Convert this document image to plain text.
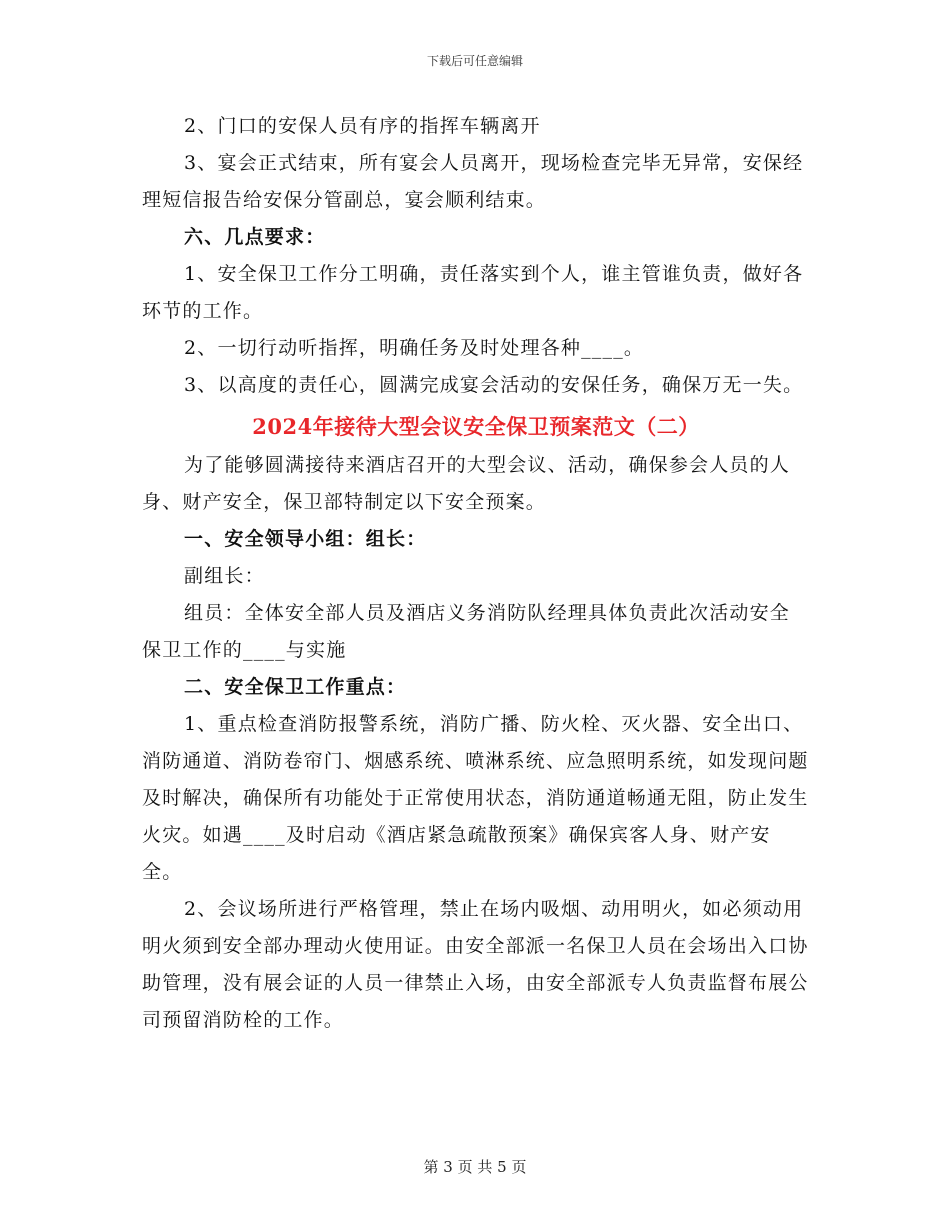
下载后可任意编辑

2、门口的安保人员有序的指挥车辆离开

3、宴会正式结束，所有宴会人员离开，现场检查完毕无异常，安保经理短信报告给安保分管副总，宴会顺利结束。

六、几点要求：

1、安全保卫工作分工明确，责任落实到个人，谁主管谁负责，做好各环节的工作。

2、一切行动听指挥，明确任务及时处理各种____。

3、以高度的责任心，圆满完成宴会活动的安保任务，确保万无一失。

2024年接待大型会议安全保卫预案范文（二）

为了能够圆满接待来酒店召开的大型会议、活动，确保参会人员的人身、财产安全，保卫部特制定以下安全预案。

一、安全领导小组：组长：

副组长：

组员：全体安全部人员及酒店义务消防队经理具体负责此次活动安全保卫工作的____与实施

二、安全保卫工作重点：

1、重点检查消防报警系统，消防广播、防火栓、灭火器、安全出口、消防通道、消防卷帘门、烟感系统、喷淋系统、应急照明系统，如发现问题及时解决，确保所有功能处于正常使用状态，消防通道畅通无阻，防止发生火灾。如遇____及时启动《酒店紧急疏散预案》确保宾客人身、财产安全。

2、会议场所进行严格管理，禁止在场内吸烟、动用明火，如必须动用明火须到安全部办理动火使用证。由安全部派一名保卫人员在会场出入口协助管理，没有展会证的人员一律禁止入场，由安全部派专人负责监督布展公司预留消防栓的工作。

第 3 页 共 5 页
